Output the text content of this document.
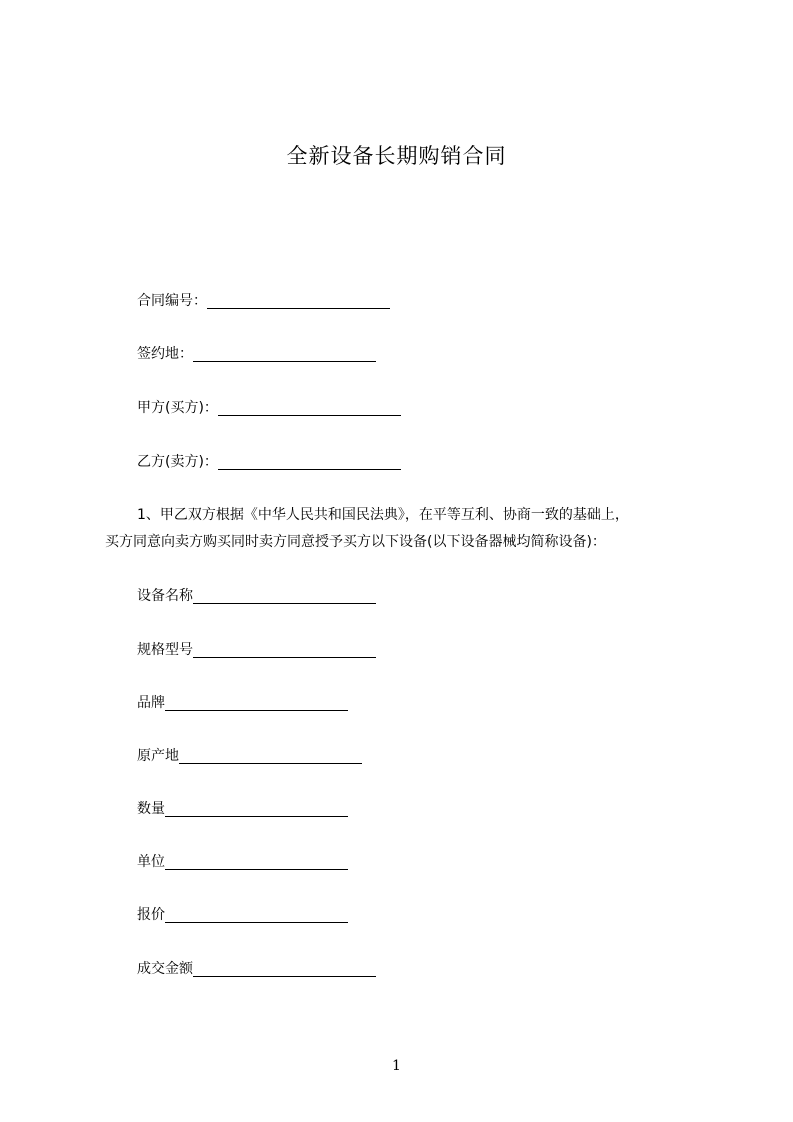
全新设备长期购销合同
合同编号：
签约地：
甲方(买方)：
乙方(卖方)：
1、甲乙双方根据《中华人民共和国民法典》，在平等互利、协商一致的基础上，
买方同意向卖方购买同时卖方同意授予买方以下设备(以下设备器械均简称设备)：
设备名称
规格型号
品牌
原产地
数量
单位
报价
成交金额
1
